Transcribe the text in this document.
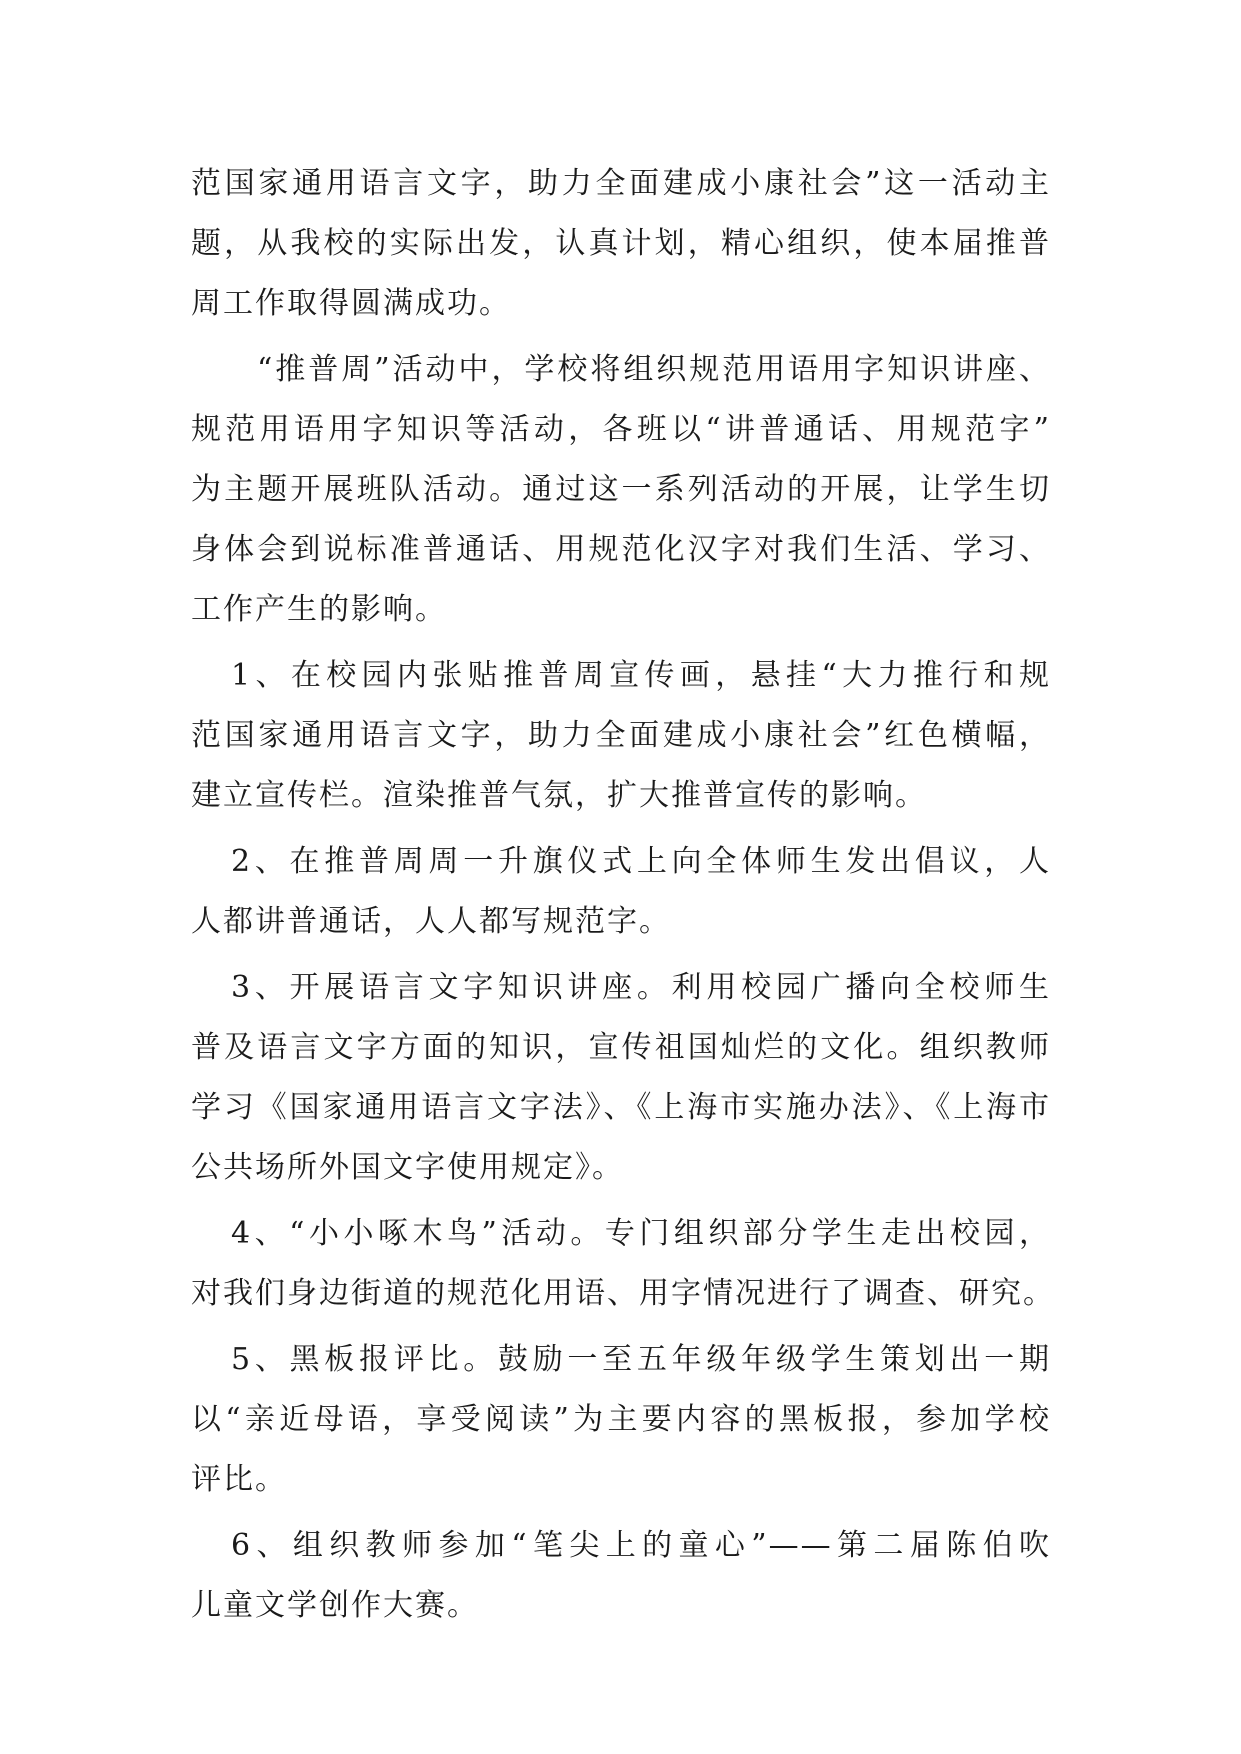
范国家通用语言文字，助力全面建成小康社会”这一活动主
题，从我校的实际出发，认真计划，精心组织，使本届推普
周工作取得圆满成功。
“推普周”活动中，学校将组织规范用语用字知识讲座、
规范用语用字知识等活动，各班以“讲普通话、用规范字”
为主题开展班队活动。通过这一系列活动的开展，让学生切
身体会到说标准普通话、用规范化汉字对我们生活、学习、
工作产生的影响。
1、在校园内张贴推普周宣传画，悬挂“大力推行和规
范国家通用语言文字，助力全面建成小康社会”红色横幅，
建立宣传栏。渲染推普气氛，扩大推普宣传的影响。
2、在推普周周一升旗仪式上向全体师生发出倡议，人
人都讲普通话，人人都写规范字。
3、开展语言文字知识讲座。利用校园广播向全校师生
普及语言文字方面的知识，宣传祖国灿烂的文化。组织教师
学习《国家通用语言文字法》、《上海市实施办法》、《上海市
公共场所外国文字使用规定》。
4、“小小啄木鸟”活动。专门组织部分学生走出校园，
对我们身边街道的规范化用语、用字情况进行了调查、研究。
5、黑板报评比。鼓励一至五年级年级学生策划出一期
以“亲近母语，享受阅读”为主要内容的黑板报，参加学校
评比。
6、组织教师参加“笔尖上的童心”——第二届陈伯吹
儿童文学创作大赛。
